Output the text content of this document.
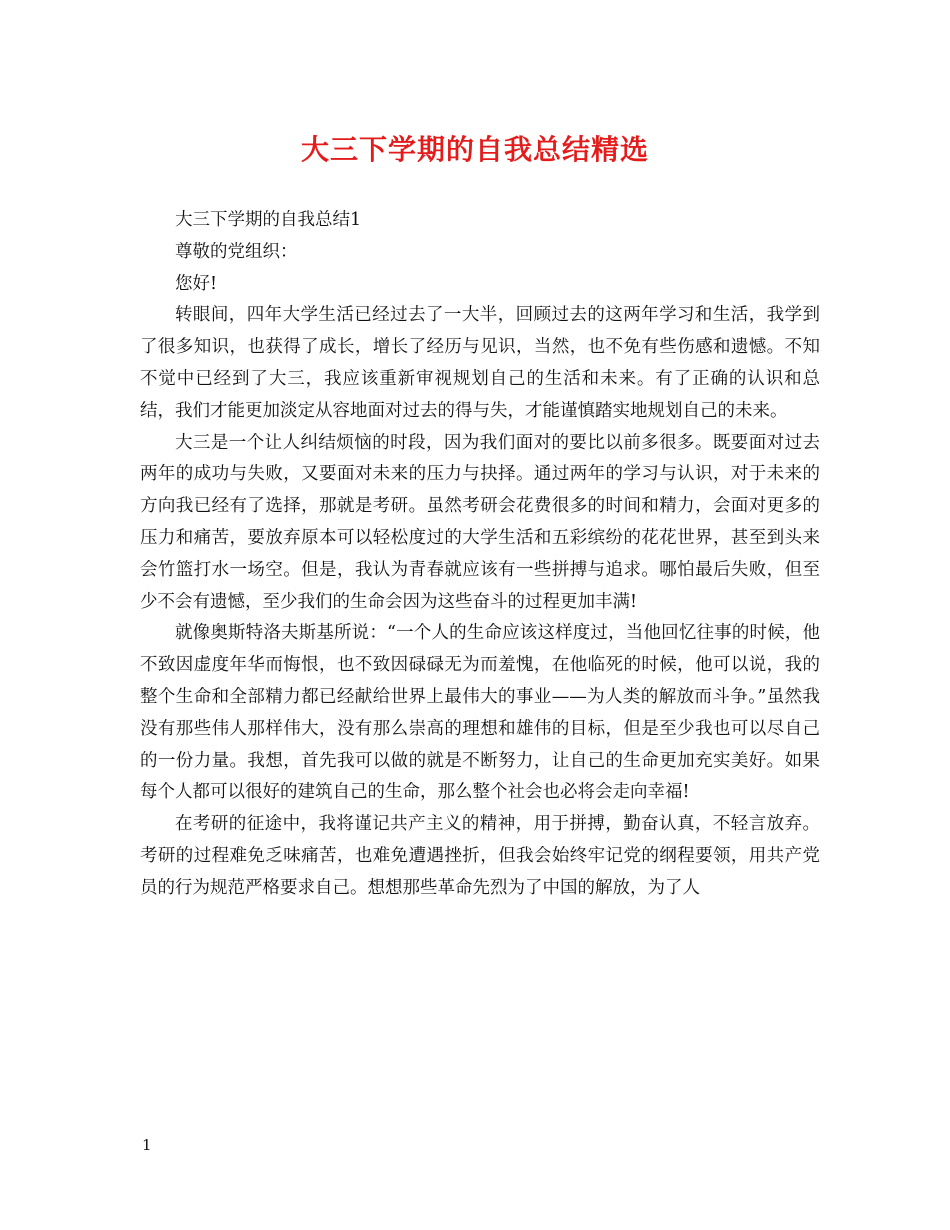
大三下学期的自我总结精选

大三下学期的自我总结1

尊敬的党组织：

您好!

转眼间，四年大学生活已经过去了一大半，回顾过去的这两年学习和生活，我学到了很多知识，也获得了成长，增长了经历与见识，当然，也不免有些伤感和遗憾。不知不觉中已经到了大三，我应该重新审视规划自己的生活和未来。有了正确的认识和总结，我们才能更加淡定从容地面对过去的得与失，才能谨慎踏实地规划自己的未来。

大三是一个让人纠结烦恼的时段，因为我们面对的要比以前多很多。既要面对过去两年的成功与失败，又要面对未来的压力与抉择。通过两年的学习与认识，对于未来的方向我已经有了选择，那就是考研。虽然考研会花费很多的时间和精力，会面对更多的压力和痛苦，要放弃原本可以轻松度过的大学生活和五彩缤纷的花花世界，甚至到头来会竹篮打水一场空。但是，我认为青春就应该有一些拼搏与追求。哪怕最后失败，但至少不会有遗憾，至少我们的生命会因为这些奋斗的过程更加丰满!

就像奥斯特洛夫斯基所说：“一个人的生命应该这样度过，当他回忆往事的时候，他不致因虚度年华而悔恨，也不致因碌碌无为而羞愧，在他临死的时候，他可以说，我的整个生命和全部精力都已经献给世界上最伟大的事业——为人类的解放而斗争。”虽然我没有那些伟人那样伟大，没有那么崇高的理想和雄伟的目标，但是至少我也可以尽自己的一份力量。我想，首先我可以做的就是不断努力，让自己的生命更加充实美好。如果每个人都可以很好的建筑自己的生命，那么整个社会也必将会走向幸福!

在考研的征途中，我将谨记共产主义的精神，用于拼搏，勤奋认真，不轻言放弃。考研的过程难免乏味痛苦，也难免遭遇挫折，但我会始终牢记党的纲程要领，用共产党员的行为规范严格要求自己。想想那些革命先烈为了中国的解放，为了人

1
